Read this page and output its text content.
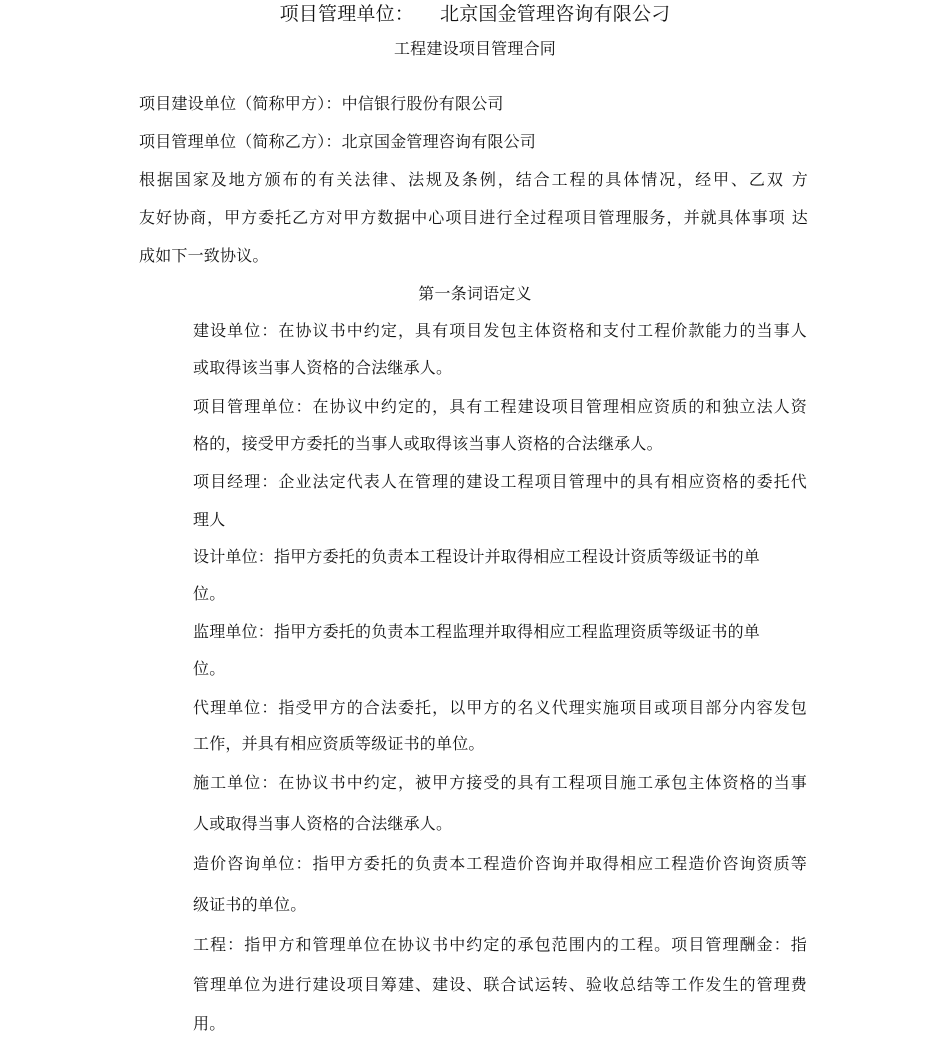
项目管理单位： 北京国金管理咨询有限公刁
工程建设项目管理合同
项目建设单位（简称甲方）：中信银行股份有限公司
项目管理单位（简称乙方）：北京国金管理咨询有限公司
根据国家及地方颁布的有关法律、法规及条例，结合工程的具体情况，经甲、乙双 方
友好协商，甲方委托乙方对甲方数据中心项目进行全过程项目管理服务，并就具体事项 达
成如下一致协议。
第一条词语定义
建设单位：在协议书中约定，具有项目发包主体资格和支付工程价款能力的当事人
或取得该当事人资格的合法继承人。
项目管理单位：在协议中约定的，具有工程建设项目管理相应资质的和独立法人资
格的，接受甲方委托的当事人或取得该当事人资格的合法继承人。
项目经理：企业法定代表人在管理的建设工程项目管理中的具有相应资格的委托代
理人
设计单位：指甲方委托的负责本工程设计并取得相应工程设计资质等级证书的单
位。
监理单位：指甲方委托的负责本工程监理并取得相应工程监理资质等级证书的单
位。
代理单位：指受甲方的合法委托，以甲方的名义代理实施项目或项目部分内容发包
工作，并具有相应资质等级证书的单位。
施工单位：在协议书中约定，被甲方接受的具有工程项目施工承包主体资格的当事
人或取得当事人资格的合法继承人。
造价咨询单位：指甲方委托的负责本工程造价咨询并取得相应工程造价咨询资质等
级证书的单位。
工程：指甲方和管理单位在协议书中约定的承包范围内的工程。项目管理酬金：指
管理单位为进行建设项目筹建、建设、联合试运转、验收总结等工作发生的管理费
用。
